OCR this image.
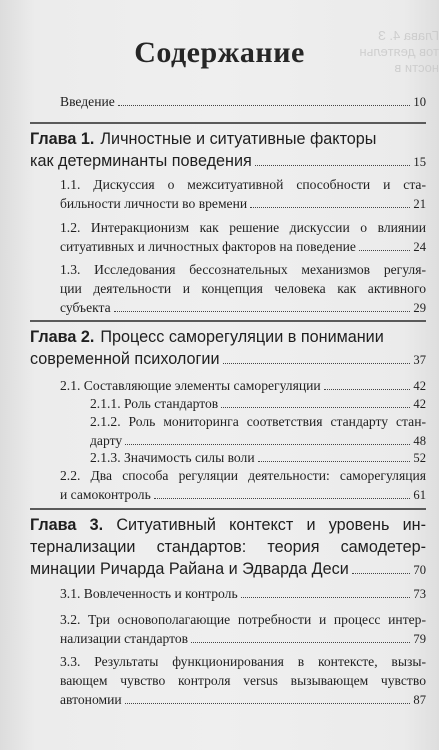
Глава 4. З
тов деятельн
ности в
Содержание
Введение	10
Глава 1. Личностные и ситуативные факторы
как детерминанты поведения	15
1.1. Дискуссия о межситуативной способности и ста-
бильности личности во времени	21
1.2. Интеракционизм как решение дискуссии о влиянии
ситуативных и личностных факторов на поведение	24
1.3. Исследования бессознательных механизмов регуля-
ции деятельности и концепция человека как активного
субъекта	29
Глава 2. Процесс саморегуляции в понимании
современной психологии	37
2.1. Составляющие элементы саморегуляции	42
2.1.1. Роль стандартов	42
2.1.2. Роль мониторинга соответствия стандарту стан-
дарту	48
2.1.3. Значимость силы воли	52
2.2. Два способа регуляции деятельности: саморегуляция
и самоконтроль	61
Глава 3. Ситуативный контекст и уровень ин-
тернализации стандартов: теория самодетер-
минации Ричарда Райана и Эдварда Деси	70
3.1. Вовлеченность и контроль	73
3.2. Три основополагающие потребности и процесс интер-
нализации стандартов	79
3.3. Результаты функционирования в контексте, вызы-
вающем чувство контроля versus вызывающем чувство
автономии	87
